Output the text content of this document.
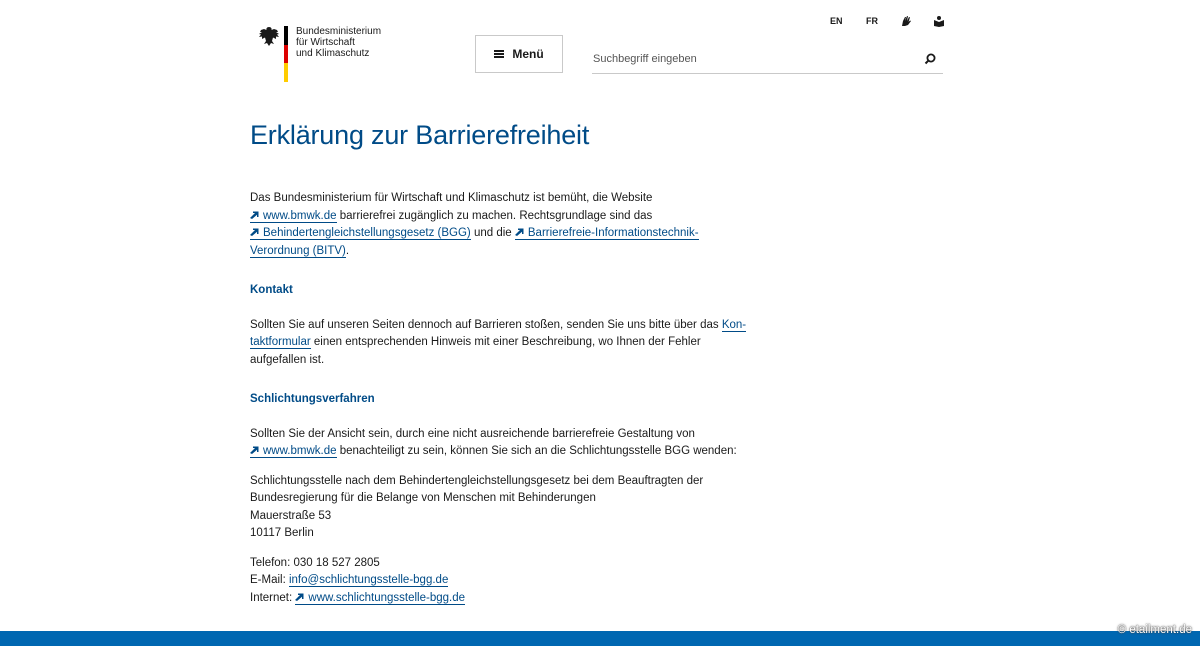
Bundesministerium
für Wirtschaft
und Klimaschutz	Menü
Suchbegriff eingeben
EN	FR
Erklärung zur Barrierefreiheit

Das Bundesministerium für Wirtschaft und Klimaschutz ist bemüht, die Website
www.bmwk.de barrierefrei zugänglich zu machen. Rechtsgrundlage sind das
Behindertengleichstellungsgesetz (BGG) und die Barrierefreie-Informationstechnik-
Verordnung (BITV).

Kontakt

Sollten Sie auf unseren Seiten dennoch auf Barrieren stoßen, senden Sie uns bitte über das Kon-
taktformular einen entsprechenden Hinweis mit einer Beschreibung, wo Ihnen der Fehler
aufgefallen ist.

Schlichtungsverfahren

Sollten Sie der Ansicht sein, durch eine nicht ausreichende barrierefreie Gestaltung von
www.bmwk.de benachteiligt zu sein, können Sie sich an die Schlichtungsstelle BGG wenden:

Schlichtungsstelle nach dem Behindertengleichstellungsgesetz bei dem Beauftragten der
Bundesregierung für die Belange von Menschen mit Behinderungen
Mauerstraße 53
10117 Berlin

Telefon: 030 18 527 2805
E-Mail: info@schlichtungsstelle-bgg.de
Internet: www.schlichtungsstelle-bgg.de

© etailment.de
